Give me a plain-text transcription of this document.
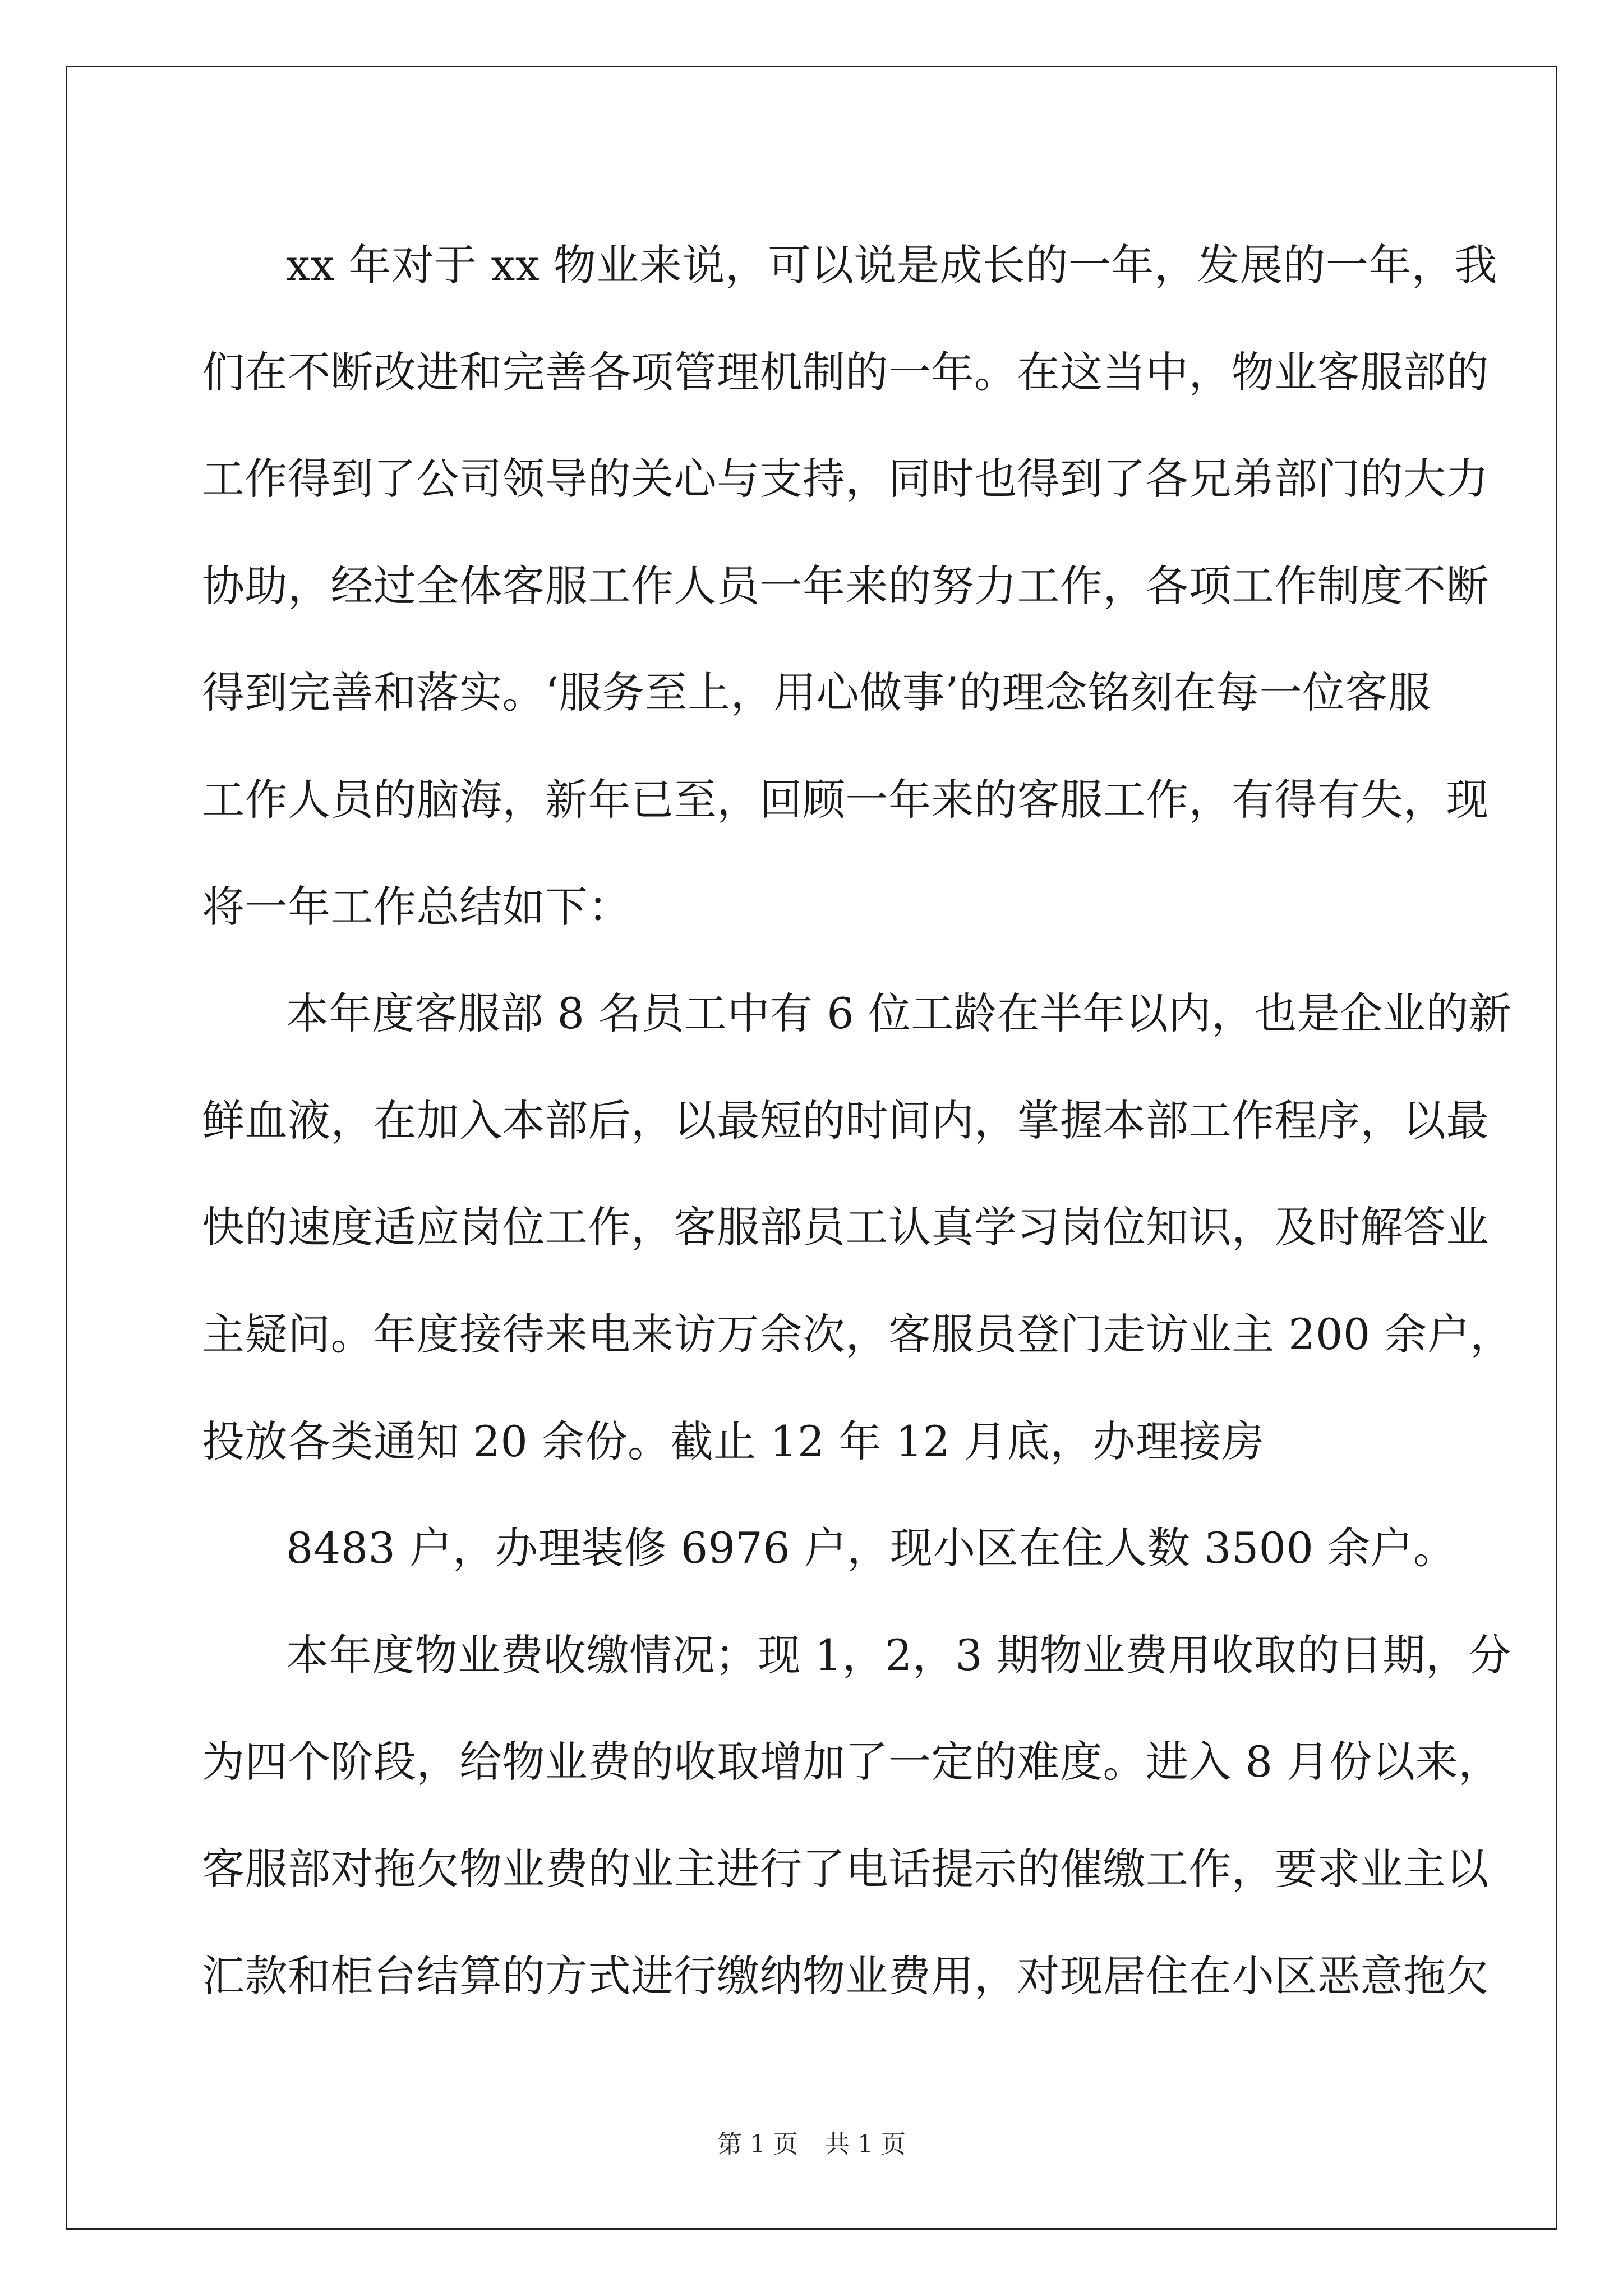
xx 年对于 xx 物业来说，可以说是成长的一年，发展的一年，我
们在不断改进和完善各项管理机制的一年。在这当中，物业客服部的
工作得到了公司领导的关心与支持，同时也得到了各兄弟部门的大力
协助，经过全体客服工作人员一年来的努力工作，各项工作制度不断
得到完善和落实。‘服务至上，用心做事’的理念铭刻在每一位客服
工作人员的脑海，新年已至，回顾一年来的客服工作，有得有失，现
将一年工作总结如下：
本年度客服部 8 名员工中有 6 位工龄在半年以内，也是企业的新
鲜血液，在加入本部后，以最短的时间内，掌握本部工作程序，以最
快的速度适应岗位工作，客服部员工认真学习岗位知识，及时解答业
主疑问。年度接待来电来访万余次，客服员登门走访业主 200 余户，
投放各类通知 20 余份。截止 12 年 12 月底，办理接房
8483 户，办理装修 6976 户，现小区在住人数 3500 余户。
本年度物业费收缴情况；现 1，2，3 期物业费用收取的日期，分
为四个阶段，给物业费的收取增加了一定的难度。进入 8 月份以来，
客服部对拖欠物业费的业主进行了电话提示的催缴工作，要求业主以
汇款和柜台结算的方式进行缴纳物业费用，对现居住在小区恶意拖欠
第 1 页 共 1 页
